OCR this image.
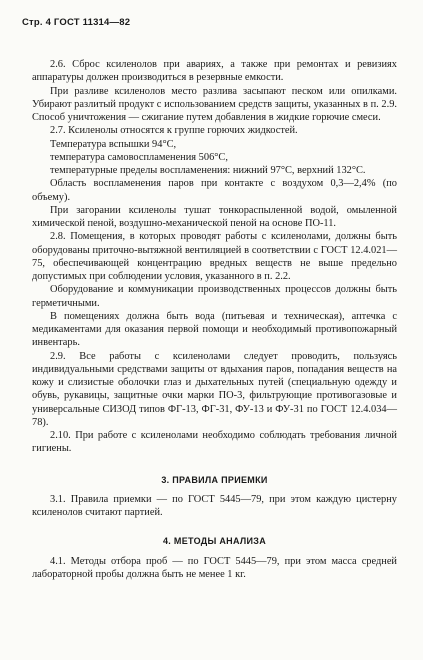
Стр. 4 ГОСТ 11314—82

2.6. Сброс ксиленолов при авариях, а также при ремонтах и ревизиях аппаратуры должен производиться в резервные емкости.

При разливе ксиленолов место разлива засыпают песком или опилками. Убирают разлитый продукт с использованием средств защиты, указанных в п. 2.9. Способ уничтожения — сжигание путем добавления в жидкие горючие смеси.

2.7. Ксиленолы относятся к группе горючих жидкостей.

Температура вспышки 94°С,

температура самовоспламенения 506°С,

температурные пределы воспламенения: нижний 97°С, верхний 132°С.

Область воспламенения паров при контакте с воздухом 0,3—2,4% (по объему).

При загорании ксиленолы тушат тонкораспыленной водой, омыленной химической пеной, воздушно-механической пеной на основе ПО-11.

2.8. Помещения, в которых проводят работы с ксиленолами, должны быть оборудованы приточно-вытяжной вентиляцией в соответствии с ГОСТ 12.4.021—75, обеспечивающей концентрацию вредных веществ не выше предельно допустимых при соблюдении условия, указанного в п. 2.2.

Оборудование и коммуникации производственных процессов должны быть герметичными.

В помещениях должна быть вода (питьевая и техническая), аптечка с медикаментами для оказания первой помощи и необходимый противопожарный инвентарь.

2.9. Все работы с ксиленолами следует проводить, пользуясь индивидуальными средствами защиты от вдыхания паров, попадания веществ на кожу и слизистые оболочки глаз и дыхательных путей (специальную одежду и обувь, рукавицы, защитные очки марки ПО-3, фильтрующие противогазовые и универсальные СИЗОД типов ФГ-13, ФГ-31, ФУ-13 и ФУ-31 по ГОСТ 12.4.034—78).

2.10. При работе с ксиленолами необходимо соблюдать требования личной гигиены.

3. ПРАВИЛА ПРИЕМКИ

3.1. Правила приемки — по ГОСТ 5445—79, при этом каждую цистерну ксиленолов считают партией.

4. МЕТОДЫ АНАЛИЗА

4.1. Методы отбора проб — по ГОСТ 5445—79, при этом масса средней лабораторной пробы должна быть не менее 1 кг.
